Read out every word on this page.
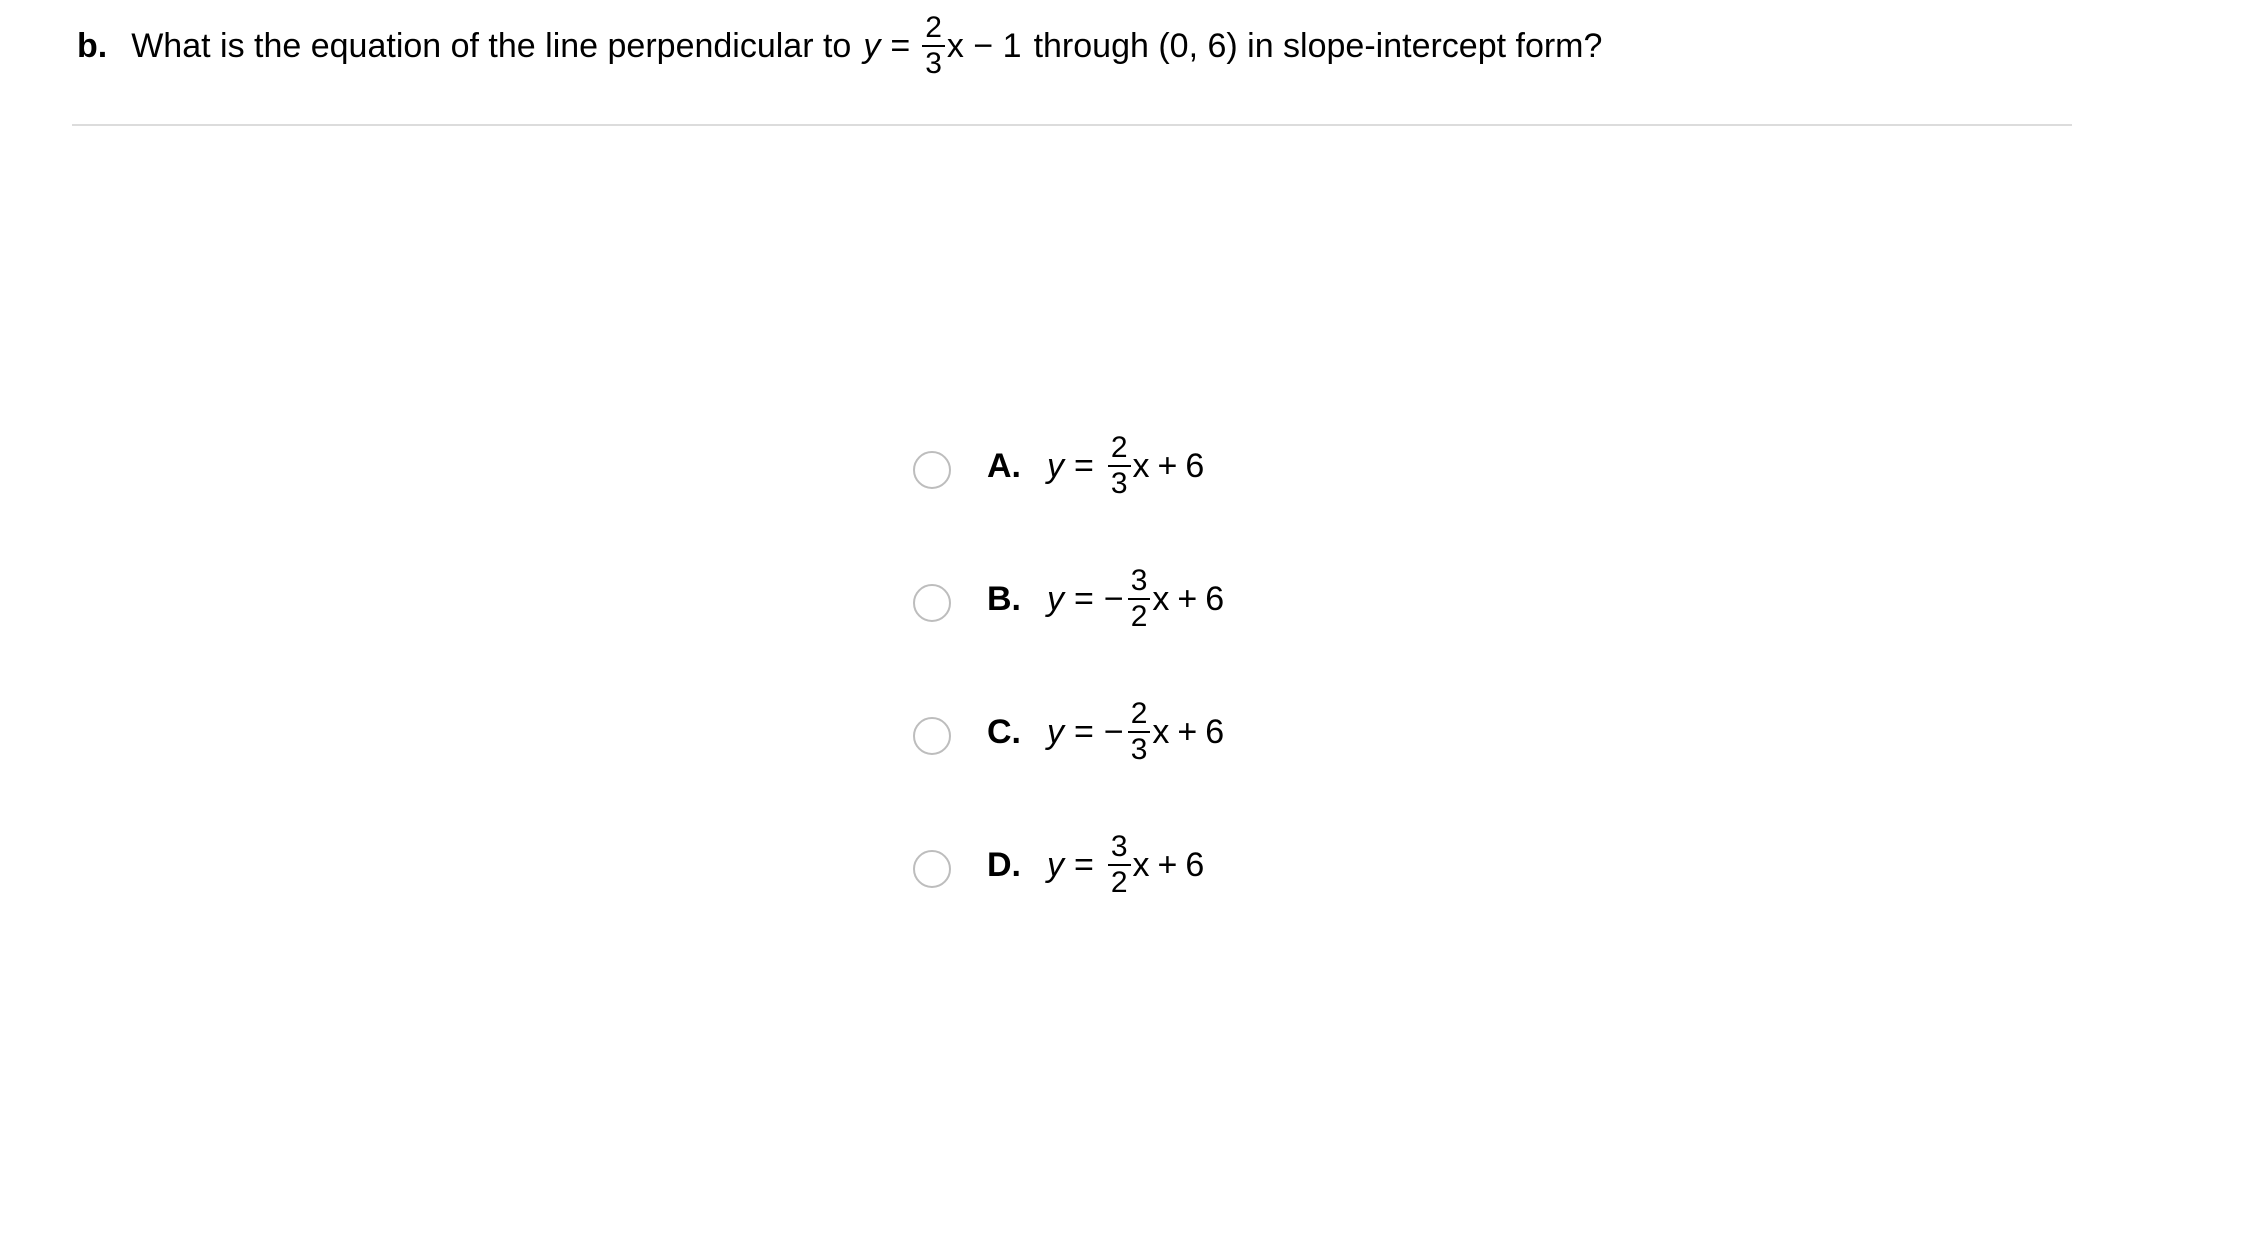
b. What is the equation of the line perpendicular to $y = \frac{2}{3}$ x − 1 through (0, 6) in slope-intercept form?
A. $y = \frac{2}{3}$ x + 6
B. y = − $\frac{3}{2}$ x + 6
C. y = − $\frac{2}{3}$ x + 6
D. $y = \frac{3}{2}$ x + 6
